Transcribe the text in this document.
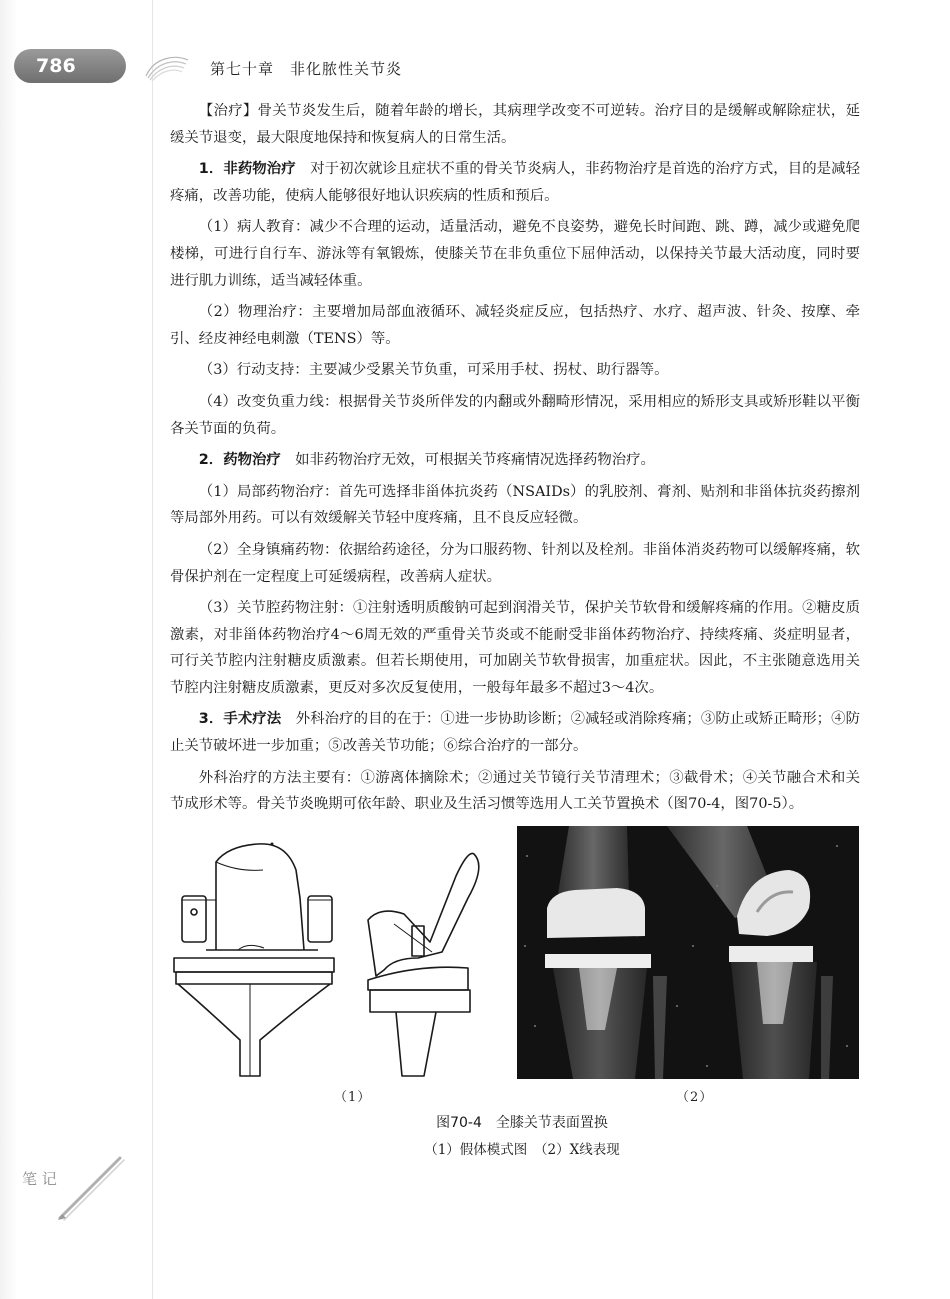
786	第七十章　非化脓性关节炎

【治疗】骨关节炎发生后，随着年龄的增长，其病理学改变不可逆转。治疗目的是缓解或解除症状，延缓关节退变，最大限度地保持和恢复病人的日常生活。

1．非药物治疗　对于初次就诊且症状不重的骨关节炎病人，非药物治疗是首选的治疗方式，目的是减轻疼痛，改善功能，使病人能够很好地认识疾病的性质和预后。

（1）病人教育：减少不合理的运动，适量活动，避免不良姿势，避免长时间跑、跳、蹲，减少或避免爬楼梯，可进行自行车、游泳等有氧锻炼，使膝关节在非负重位下屈伸活动，以保持关节最大活动度，同时要进行肌力训练，适当减轻体重。

（2）物理治疗：主要增加局部血液循环、减轻炎症反应，包括热疗、水疗、超声波、针灸、按摩、牵引、经皮神经电刺激（TENS）等。

（3）行动支持：主要减少受累关节负重，可采用手杖、拐杖、助行器等。

（4）改变负重力线：根据骨关节炎所伴发的内翻或外翻畸形情况，采用相应的矫形支具或矫形鞋以平衡各关节面的负荷。

2．药物治疗　如非药物治疗无效，可根据关节疼痛情况选择药物治疗。

（1）局部药物治疗：首先可选择非甾体抗炎药（NSAIDs）的乳胶剂、膏剂、贴剂和非甾体抗炎药擦剂等局部外用药。可以有效缓解关节轻中度疼痛，且不良反应轻微。

（2）全身镇痛药物：依据给药途径，分为口服药物、针剂以及栓剂。非甾体消炎药物可以缓解疼痛，软骨保护剂在一定程度上可延缓病程，改善病人症状。

（3）关节腔药物注射：①注射透明质酸钠可起到润滑关节，保护关节软骨和缓解疼痛的作用。②糖皮质激素，对非甾体药物治疗4～6周无效的严重骨关节炎或不能耐受非甾体药物治疗、持续疼痛、炎症明显者，可行关节腔内注射糖皮质激素。但若长期使用，可加剧关节软骨损害，加重症状。因此，不主张随意选用关节腔内注射糖皮质激素，更反对多次反复使用，一般每年最多不超过3～4次。

3．手术疗法　外科治疗的目的在于：①进一步协助诊断；②减轻或消除疼痛；③防止或矫正畸形；④防止关节破坏进一步加重；⑤改善关节功能；⑥综合治疗的一部分。

外科治疗的方法主要有：①游离体摘除术；②通过关节镜行关节清理术；③截骨术；④关节融合术和关节成形术等。骨关节炎晚期可依年龄、职业及生活习惯等选用人工关节置换术（图70-4，图70-5）。

（1）	（2）
图70-4　全膝关节表面置换
（1）假体模式图　（2）X线表现
笔 记
